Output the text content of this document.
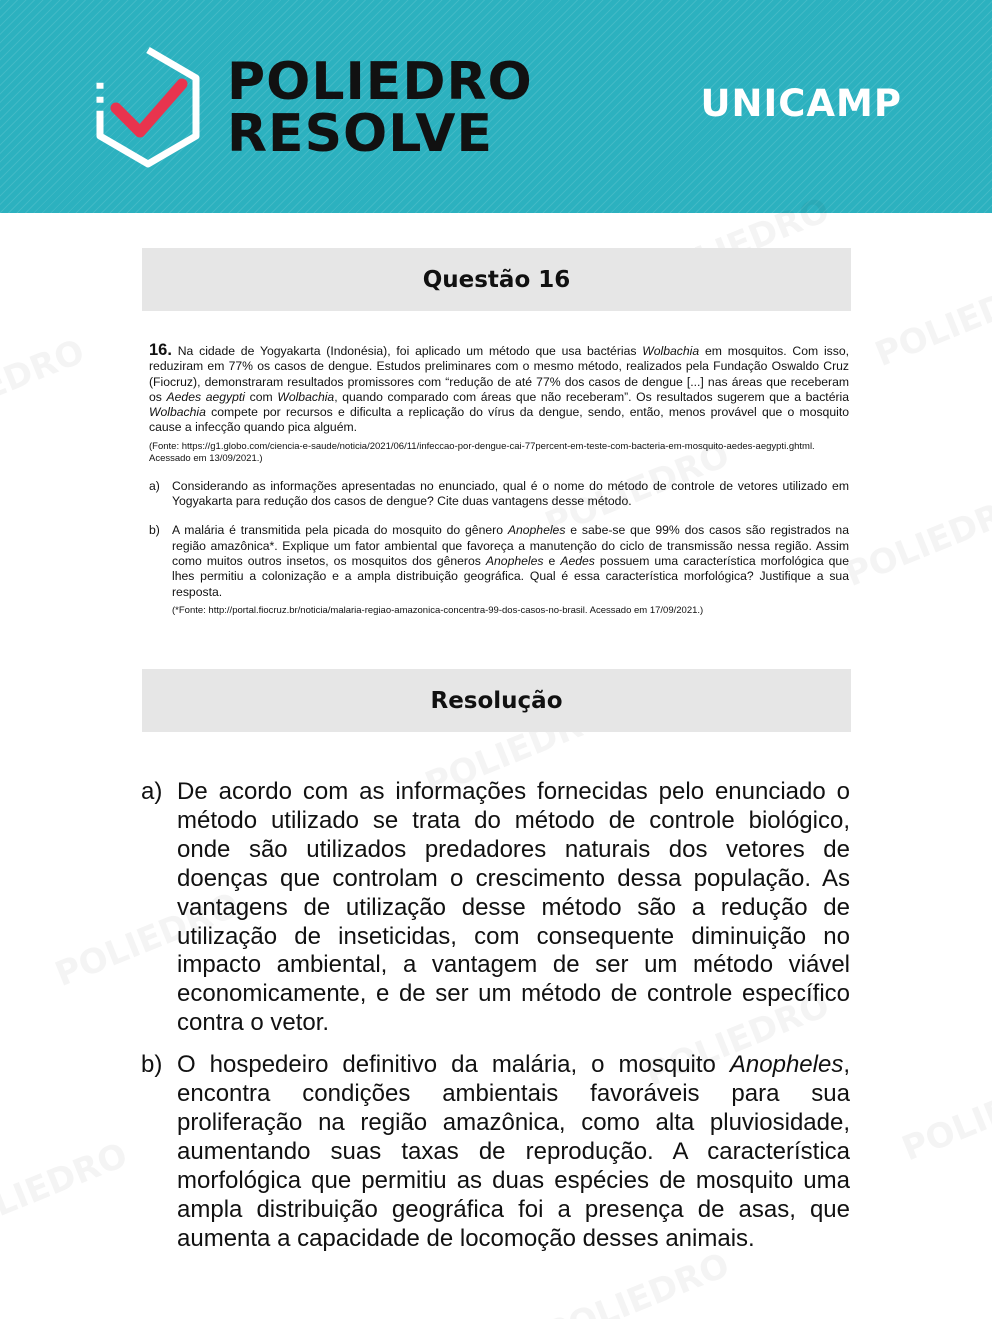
POLIEDRO
RESOLVE
UNICAMP
Questão 16

16. Na cidade de Yogyakarta (Indonésia), foi aplicado um método que usa bactérias Wolbachia em mosquitos. Com isso, reduziram em 77% os casos de dengue. Estudos preliminares com o mesmo método, realizados pela Fundação Oswaldo Cruz (Fiocruz), demonstraram resultados promissores com “redução de até 77% dos casos de dengue [...] nas áreas que receberam os Aedes aegypti com Wolbachia, quando comparado com áreas que não receberam”. Os resultados sugerem que a bactéria Wolbachia compete por recursos e dificulta a replicação do vírus da dengue, sendo, então, menos provável que o mosquito cause a infecção quando pica alguém.

(Fonte: https://g1.globo.com/ciencia-e-saude/noticia/2021/06/11/infeccao-por-dengue-cai-77percent-em-teste-com-bacteria-em-mosquito-aedes-aegypti.ghtml. Acessado em 13/09/2021.)

a) Considerando as informações apresentadas no enunciado, qual é o nome do método de controle de vetores utilizado em Yogyakarta para redução dos casos de dengue? Cite duas vantagens desse método.
b) A malária é transmitida pela picada do mosquito do gênero Anopheles e sabe-se que 99% dos casos são registrados na região amazônica*. Explique um fator ambiental que favoreça a manutenção do ciclo de transmissão nessa região. Assim como muitos outros insetos, os mosquitos dos gêneros Anopheles e Aedes possuem uma característica morfológica que lhes permitiu a colonização e a ampla distribuição geográfica. Qual é essa característica morfológica? Justifique a sua resposta.

(*Fonte: http://portal.fiocruz.br/noticia/malaria-regiao-amazonica-concentra-99-dos-casos-no-brasil. Acessado em 17/09/2021.)

Resolução
a) De acordo com as informações fornecidas pelo enunciado o método utilizado se trata do método de controle biológico, onde são utilizados predadores naturais dos vetores de doenças que controlam o crescimento dessa população. As vantagens de utilização desse método são a redução de utilização de inseticidas, com consequente diminuição no impacto ambiental, a vantagem de ser um método viável economicamente, e de ser um método de controle específico contra o vetor.
b) O hospedeiro definitivo da malária, o mosquito Anopheles, encontra condições ambientais favoráveis para sua proliferação na região amazônica, como alta pluviosidade, aumentando suas taxas de reprodução. A característica morfológica que permitiu as duas espécies de mosquito uma ampla distribuição geográfica foi a presença de asas, que aumenta a capacidade de locomoção desses animais.
